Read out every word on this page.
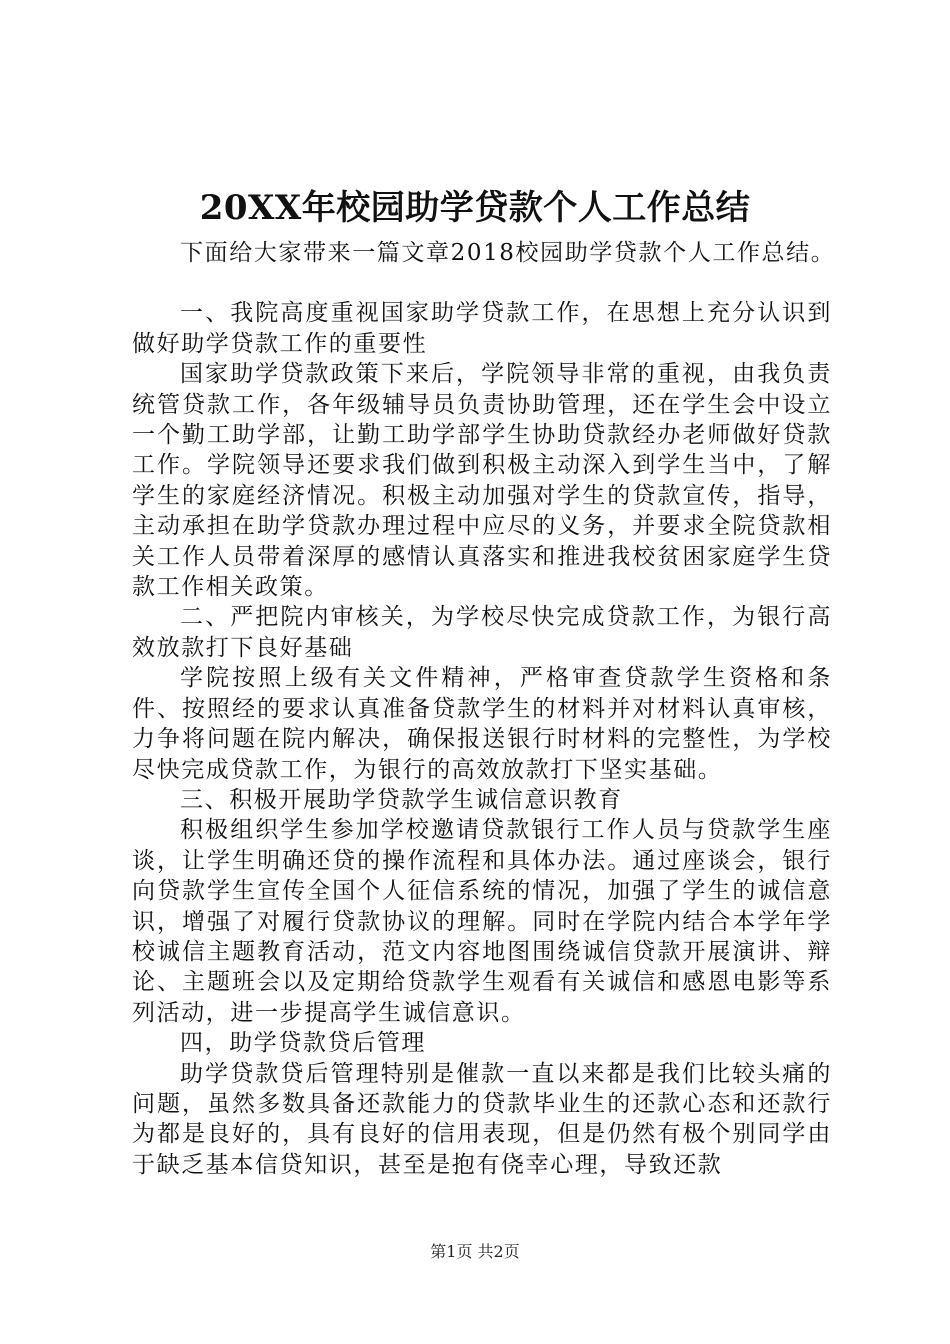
20XX年校园助学贷款个人工作总结

下面给大家带来一篇文章2018校园助学贷款个人工作总结。

一、我院高度重视国家助学贷款工作，在思想上充分认识到做好助学贷款工作的重要性

国家助学贷款政策下来后，学院领导非常的重视，由我负责统管贷款工作，各年级辅导员负责协助管理，还在学生会中设立一个勤工助学部，让勤工助学部学生协助贷款经办老师做好贷款工作。学院领导还要求我们做到积极主动深入到学生当中，了解学生的家庭经济情况。积极主动加强对学生的贷款宣传，指导，主动承担在助学贷款办理过程中应尽的义务，并要求全院贷款相关工作人员带着深厚的感情认真落实和推进我校贫困家庭学生贷款工作相关政策。

二、严把院内审核关，为学校尽快完成贷款工作，为银行高效放款打下良好基础

学院按照上级有关文件精神，严格审查贷款学生资格和条件、按照经的要求认真准备贷款学生的材料并对材料认真审核，力争将问题在院内解决，确保报送银行时材料的完整性，为学校尽快完成贷款工作，为银行的高效放款打下坚实基础。

三、积极开展助学贷款学生诚信意识教育

积极组织学生参加学校邀请贷款银行工作人员与贷款学生座谈，让学生明确还贷的操作流程和具体办法。通过座谈会，银行向贷款学生宣传全国个人征信系统的情况，加强了学生的诚信意识，增强了对履行贷款协议的理解。同时在学院内结合本学年学校诚信主题教育活动，范文内容地图围绕诚信贷款开展演讲、辩论、主题班会以及定期给贷款学生观看有关诚信和感恩电影等系列活动，进一步提高学生诚信意识。

四，助学贷款贷后管理

助学贷款贷后管理特别是催款一直以来都是我们比较头痛的问题，虽然多数具备还款能力的贷款毕业生的还款心态和还款行为都是良好的，具有良好的信用表现，但是仍然有极个别同学由于缺乏基本信贷知识，甚至是抱有侥幸心理，导致还款

第1页 共2页
